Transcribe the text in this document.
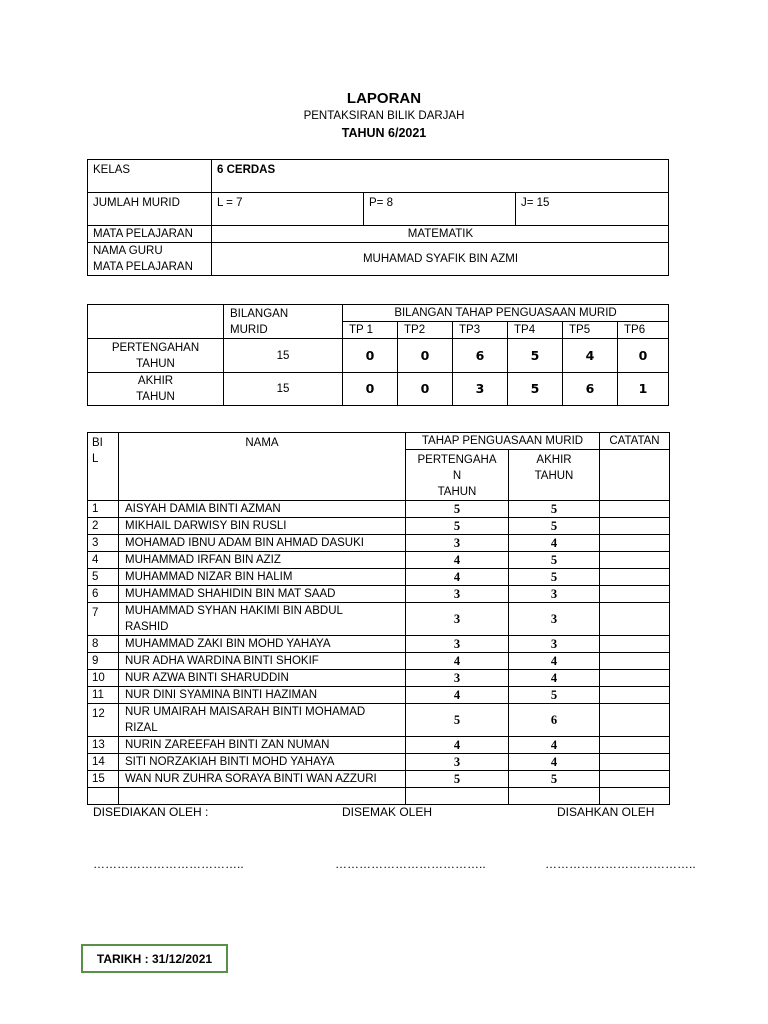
LAPORAN
PENTAKSIRAN BILIK DARJAH
TAHUN 6/2021
KELAS	6 CERDAS		
JUMLAH MURID	L = 7	P= 8	J= 15
MATA PELAJARAN	MATEMATIK		
NAMA GURU
MATA PELAJARAN	MUHAMAD SYAFIK BIN AZMI		
	BILANGAN
MURID	BILANGAN TAHAP PENGUASAAN MURID					
		TP 1	TP2	TP3	TP4	TP5	TP6
PERTENGAHAN
TAHUN	15	0	0	6	5	4	0
AKHIR
TAHUN	15	0	0	3	5	6	1
BI
L	NAMA	TAHAP PENGUASAAN MURID		CATATAN
		PERTENGAHA
N
TAHUN	AKHIR
TAHUN	
1	AISYAH DAMIA BINTI AZMAN	5	5	
2	MIKHAIL DARWISY BIN RUSLI	5	5	
3	MOHAMAD IBNU ADAM BIN AHMAD DASUKI	3	4	
4	MUHAMMAD IRFAN BIN AZIZ	4	5	
5	MUHAMMAD NIZAR BIN HALIM	4	5	
6	MUHAMMAD SHAHIDIN BIN MAT SAAD	3	3	
7	MUHAMMAD SYHAN HAKIMI BIN ABDUL
RASHID	3	3	
8	MUHAMMAD ZAKI BIN MOHD YAHAYA	3	3	
9	NUR ADHA WARDINA BINTI SHOKIF	4	4	
10	NUR AZWA BINTI SHARUDDIN	3	4	
11	NUR DINI SYAMINA BINTI HAZIMAN	4	5	
12	NUR UMAIRAH MAISARAH BINTI MOHAMAD
RIZAL	5	6	
13	NURIN ZAREEFAH BINTI ZAN NUMAN	4	4	
14	SITI NORZAKIAH BINTI MOHD YAHAYA	3	4	
15	WAN NUR ZUHRA SORAYA BINTI WAN AZZURI	5	5	

DISEDIAKAN OLEH :	DISEMAK OLEH	DISAHKAN OLEH
………………………………..	………………………………..	………………………………..
TARIKH : 31/12/2021
